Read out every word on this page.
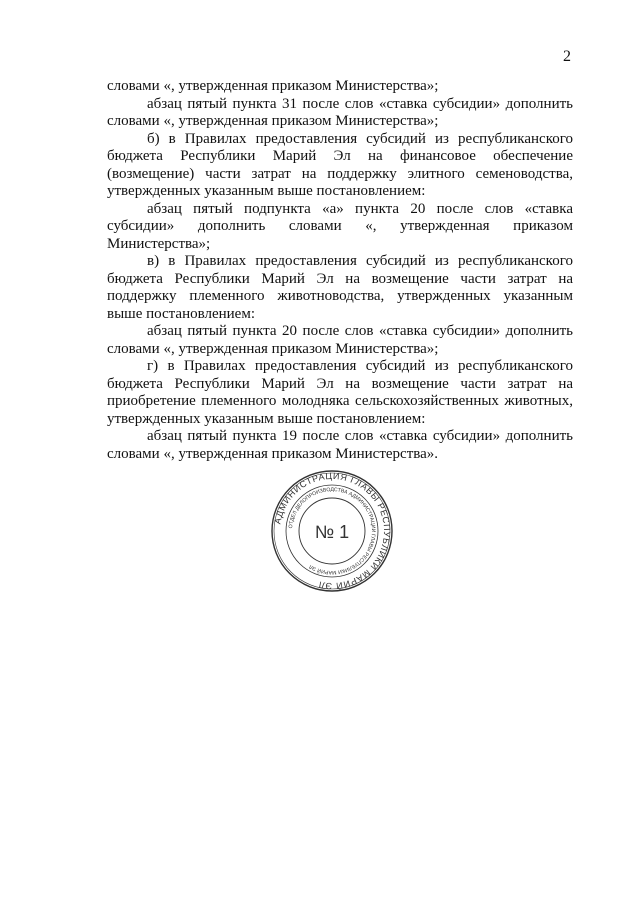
2

словами «, утвержденная приказом Министерства»;

абзац пятый пункта 31 после слов «ставка субсидии» дополнить словами «, утвержденная приказом Министерства»;

б) в Правилах предоставления субсидий из республиканского бюджета Республики Марий Эл на финансовое обеспечение (возмещение) части затрат на поддержку элитного семеноводства, утвержденных указанным выше постановлением:

абзац пятый подпункта «а» пункта 20 после слов «ставка субсидии» дополнить словами «, утвержденная приказом Министерства»;

в) в Правилах предоставления субсидий из республиканского бюджета Республики Марий Эл на возмещение части затрат на поддержку племенного животноводства, утвержденных указанным выше постановлением:

абзац пятый пункта 20 после слов «ставка субсидии» дополнить словами «, утвержденная приказом Министерства»;

г) в Правилах предоставления субсидий из республиканского бюджета Республики Марий Эл на возмещение части затрат на приобретение племенного молодняка сельскохозяйственных животных, утвержденных указанным выше постановлением:

абзац пятый пункта 19 после слов «ставка субсидии» дополнить словами «, утвержденная приказом Министерства».

АДМИНИСТРАЦИЯ ГЛАВЫ РЕСПУБЛИКИ МАРИЙ ЭЛ
ОТДЕЛ ДЕЛОПРОИЗВОДСТВА АДМИНИСТРАЦИИ ГЛАВЫ РЕСПУБЛИКИ МАРИЙ ЭЛ
№ 1
